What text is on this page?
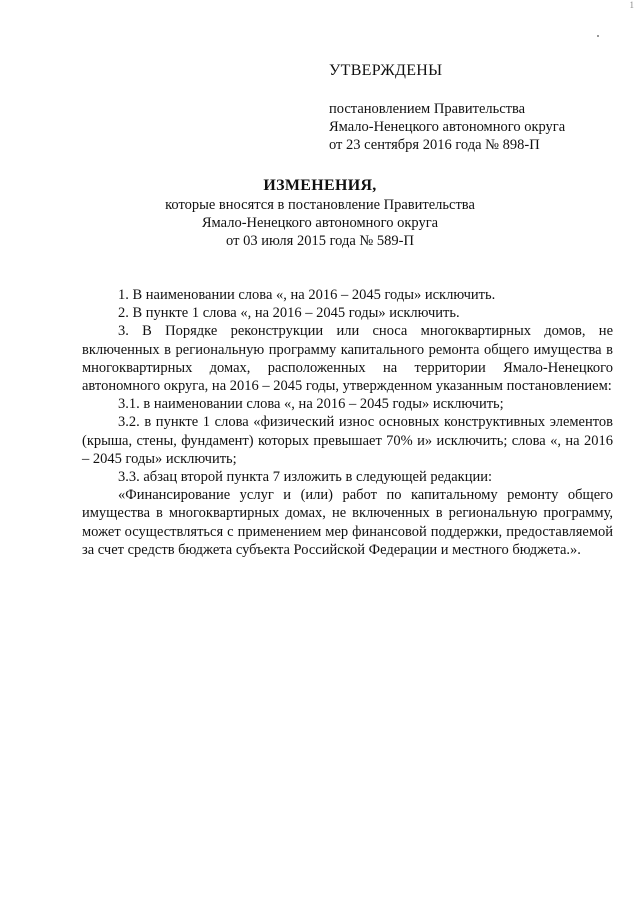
1
УТВЕРЖДЕНЫ
постановлением Правительства
Ямало-Ненецкого автономного округа
от 23 сентября 2016 года № 898-П
ИЗМЕНЕНИЯ,
которые вносятся в постановление Правительства
Ямало-Ненецкого автономного округа
от 03 июля 2015 года № 589-П

1. В наименовании слова «, на 2016 – 2045 годы» исключить.

2. В пункте 1 слова «, на 2016 – 2045 годы» исключить.

3. В Порядке реконструкции или сноса многоквартирных домов, не включенных в региональную программу капитального ремонта общего имущества в многоквартирных домах, расположенных на территории Ямало-Ненецкого автономного округа, на 2016 – 2045 годы, утвержденном указанным постановлением:

3.1. в наименовании слова «, на 2016 – 2045 годы» исключить;

3.2. в пункте 1 слова «физический износ основных конструктивных элементов (крыша, стены, фундамент) которых превышает 70% и» исключить; слова «, на 2016 – 2045 годы» исключить;

3.3. абзац второй пункта 7 изложить в следующей редакции:

«Финансирование услуг и (или) работ по капитальному ремонту общего имущества в многоквартирных домах, не включенных в региональную программу, может осуществляться с применением мер финансовой поддержки, предоставляемой за счет средств бюджета субъекта Российской Федерации и местного бюджета.».
